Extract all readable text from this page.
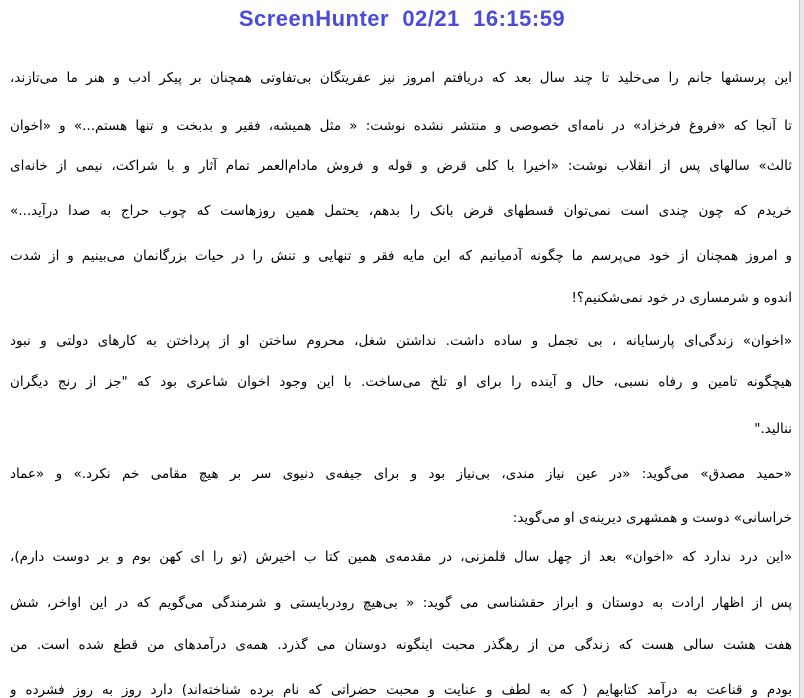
ScreenHunter  02/21  16:15:59
این پرسشها جانم را می‌خلید تا چند سال بعد که دریافتم امروز نیز عفریتگان بی‌تفاوتی همچنان بر پیکر ادب و هنر ما می‌تازند،
تا آنجا که «فروغ فرخزاد» در نامه‌ای خصوصی و منتشر نشده نوشت: « مثل همیشه، فقیر و بدبخت و تنها هستم...» و «اخوان
ثالث» سالهای پس از انقلاب نوشت: «اخیرا با کلی قرض و قوله و فروش مادام‌العمر تمام آثار و با شراکت، نیمی از خانه‌ای
خریدم که چون چندی است نمی‌توان قسطهای قرض بانک را بدهم، یحتمل همین روزهاست که چوب حراج به صدا درآید...»
و امروز همچنان از خود می‌پرسم ما چگونه آدمیانیم که این مایه فقر و تنهایی و تنش را در حیات بزرگانمان می‌بینیم و از شدت
اندوه و شرمساری در خود نمی‌شکنیم؟!
«اخوان» زندگی‌ای پارسایانه ، بی تجمل و ساده داشت. نداشتن شغل، محروم ساختن او از پرداختن به کارهای دولتی و نبود
هیچگونه تامین و رفاه نسبی، حال و آینده را برای او تلخ می‌ساخت. با این وجود اخوان شاعری بود که "جز از رنج دیگران
ننالید."
«حمید مصدق» می‌گوید: «در عین نیاز مندی، بی‌نیاز بود و برای جیفه‌ی دنیوی سر بر هیچ مقامی خم نکرد.» و «عماد
خراسانی» دوست و همشهری دیرینه‌ی او می‌گوید:
«این درد ندارد که «اخوان» بعد از چهل سال قلمزنی، در مقدمه‌ی همین کتا ب اخیرش (تو را ای کهن بوم و بر دوست دارم)،
پس از اظهار ارادت به دوستان و ابراز حقشناسی می گوید: « بی‌هیچ رودربایستی و شرمندگی می‌گویم که در این اواخر، شش
هفت هشت سالی هست که زندگی من از رهگذر محبت اینگونه دوستان می گذرد. همه‌ی درآمدهای من قطع شده است. من
بودم و قناعت به درآمد کتابهایم ( که به لطف و عنایت و محبت حضراتی که نام برده شناخته‌اند) دارد روز به روز فشرده و
